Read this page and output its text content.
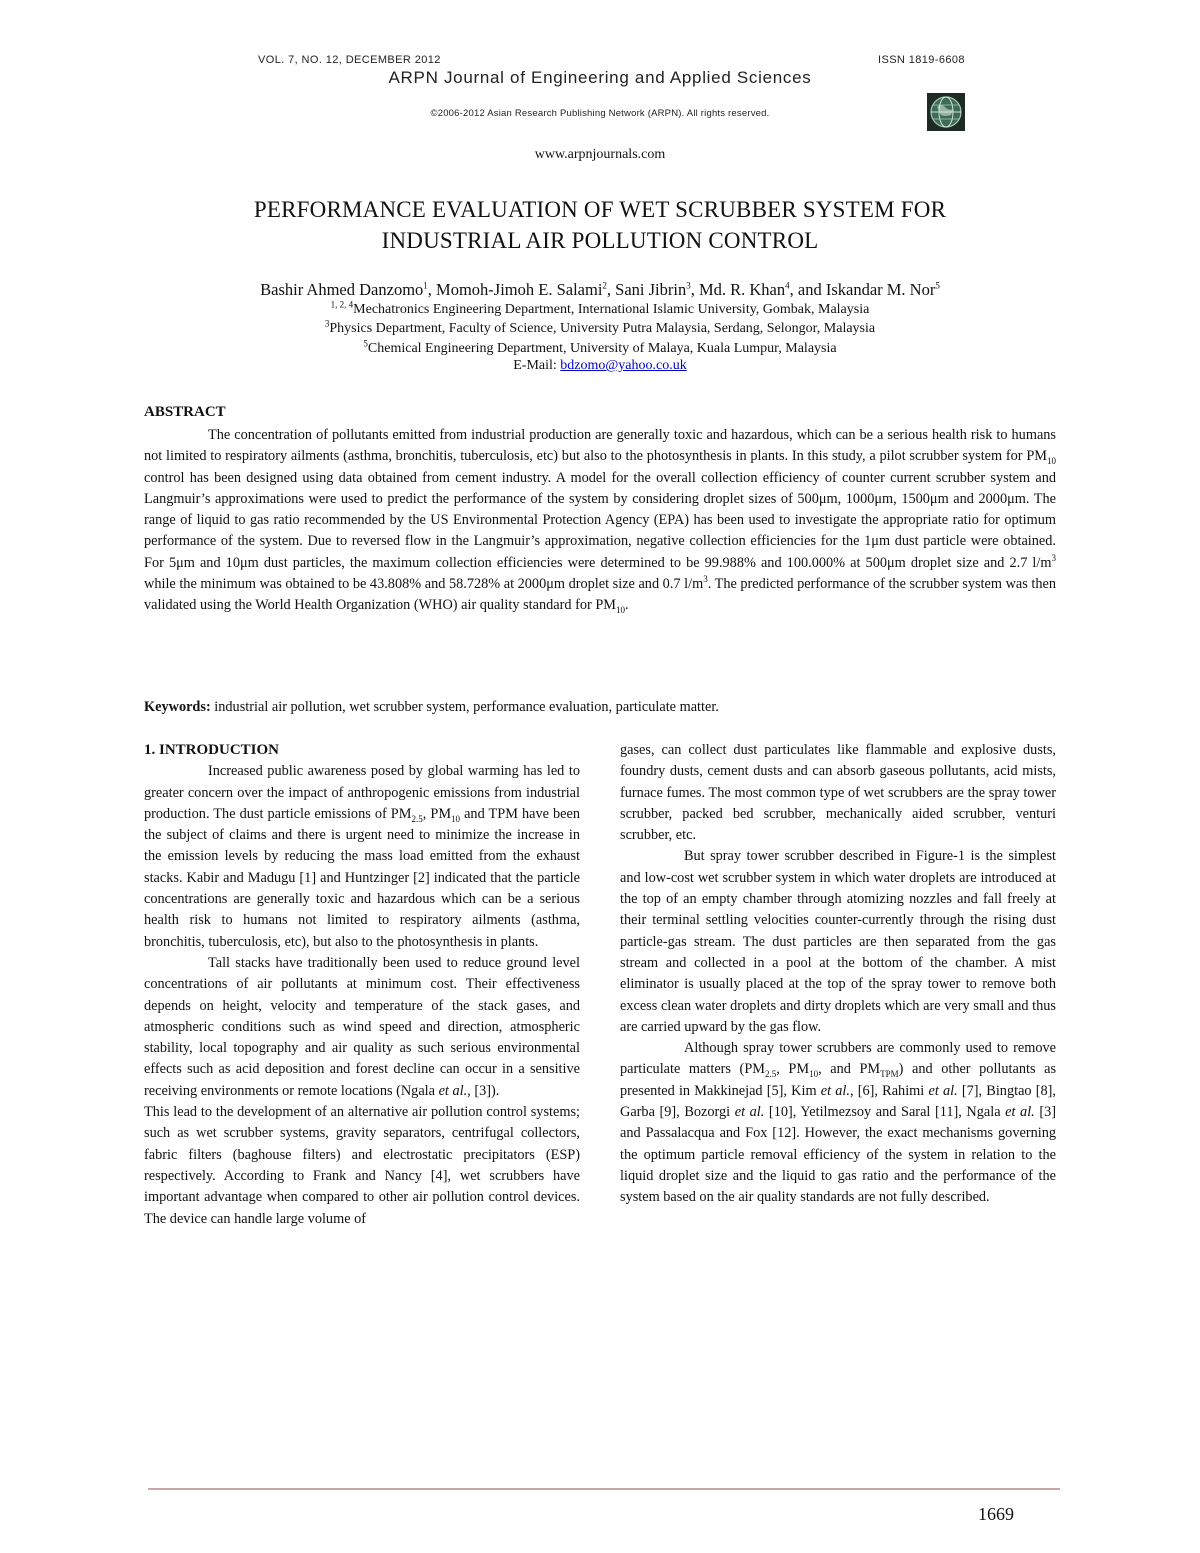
VOL. 7, NO. 12, DECEMBER 2012	ISSN 1819-6608
ARPN Journal of Engineering and Applied Sciences
©2006-2012 Asian Research Publishing Network (ARPN). All rights reserved.
www.arpnjournals.com
PERFORMANCE EVALUATION OF WET SCRUBBER SYSTEM FOR
INDUSTRIAL AIR POLLUTION CONTROL
Bashir Ahmed Danzomo$^1$, Momoh-Jimoh E. Salami$^2$, Sani Jibrin$^3$, Md. R. Khan$^4$, and Iskandar M. Nor$^5$
$^{1, 2, 4}$Mechatronics Engineering Department, International Islamic University, Gombak, Malaysia
$^3$Physics Department, Faculty of Science, University Putra Malaysia, Serdang, Selongor, Malaysia
$^5$Chemical Engineering Department, University of Malaya, Kuala Lumpur, Malaysia
E-Mail: bdzomo@yahoo.co.uk
ABSTRACT

The concentration of pollutants emitted from industrial production are generally toxic and hazardous, which can be a serious health risk to humans not limited to respiratory ailments (asthma, bronchitis, tuberculosis, etc) but also to the photosynthesis in plants. In this study, a pilot scrubber system for $PM_{10}$ control has been designed using data obtained from cement industry. A model for the overall collection efficiency of counter current scrubber system and Langmuir’s approximations were used to predict the performance of the system by considering droplet sizes of 500μm, 1000μm, 1500μm and 2000μm. The range of liquid to gas ratio recommended by the US Environmental Protection Agency (EPA) has been used to investigate the appropriate ratio for optimum performance of the system. Due to reversed flow in the Langmuir’s approximation, negative collection efficiencies for the 1μm dust particle were obtained. For 5μm and 10μm dust particles, the maximum collection efficiencies were determined to be 99.988% and 100.000% at 500μm droplet size and 2.7 $l/m^3$ while the minimum was obtained to be 43.808% and 58.728% at 2000μm droplet size and 0.7 $l/m^3$. The predicted performance of the scrubber system was then validated using the World Health Organization (WHO) air quality standard for $PM_{10}$.

Keywords: industrial air pollution, wet scrubber system, performance evaluation, particulate matter.

1. INTRODUCTION

Increased public awareness posed by global warming has led to greater concern over the impact of anthropogenic emissions from industrial production. The dust particle emissions of $PM_{2.5}$, $PM_{10}$ and TPM have been the subject of claims and there is urgent need to minimize the increase in the emission levels by reducing the mass load emitted from the exhaust stacks. Kabir and Madugu [1] and Huntzinger [2] indicated that the particle concentrations are generally toxic and hazardous which can be a serious health risk to humans not limited to respiratory ailments (asthma, bronchitis, tuberculosis, etc), but also to the photosynthesis in plants.

Tall stacks have traditionally been used to reduce ground level concentrations of air pollutants at minimum cost. Their effectiveness depends on height, velocity and temperature of the stack gases, and atmospheric conditions such as wind speed and direction, atmospheric stability, local topography and air quality as such serious environmental effects such as acid deposition and forest decline can occur in a sensitive receiving environments or remote locations (Ngala et al., [3]).

This lead to the development of an alternative air pollution control systems; such as wet scrubber systems, gravity separators, centrifugal collectors, fabric filters (baghouse filters) and electrostatic precipitators (ESP) respectively. According to Frank and Nancy [4], wet scrubbers have important advantage when compared to other air pollution control devices. The device can handle large volume of

gases, can collect dust particulates like flammable and explosive dusts, foundry dusts, cement dusts and can absorb gaseous pollutants, acid mists, furnace fumes. The most common type of wet scrubbers are the spray tower scrubber, packed bed scrubber, mechanically aided scrubber, venturi scrubber, etc.

But spray tower scrubber described in Figure-1 is the simplest and low-cost wet scrubber system in which water droplets are introduced at the top of an empty chamber through atomizing nozzles and fall freely at their terminal settling velocities counter-currently through the rising dust particle-gas stream. The dust particles are then separated from the gas stream and collected in a pool at the bottom of the chamber. A mist eliminator is usually placed at the top of the spray tower to remove both excess clean water droplets and dirty droplets which are very small and thus are carried upward by the gas flow.

Although spray tower scrubbers are commonly used to remove particulate matters ($PM_{2.5}$, $PM_{10}$, and $PM_{TPM}$) and other pollutants as presented in Makkinejad [5], Kim et al., [6], Rahimi et al. [7], Bingtao [8], Garba [9], Bozorgi et al. [10], Yetilmezsoy and Saral [11], Ngala et al. [3] and Passalacqua and Fox [12]. However, the exact mechanisms governing the optimum particle removal efficiency of the system in relation to the liquid droplet size and the liquid to gas ratio and the performance of the system based on the air quality standards are not fully described.

1669
